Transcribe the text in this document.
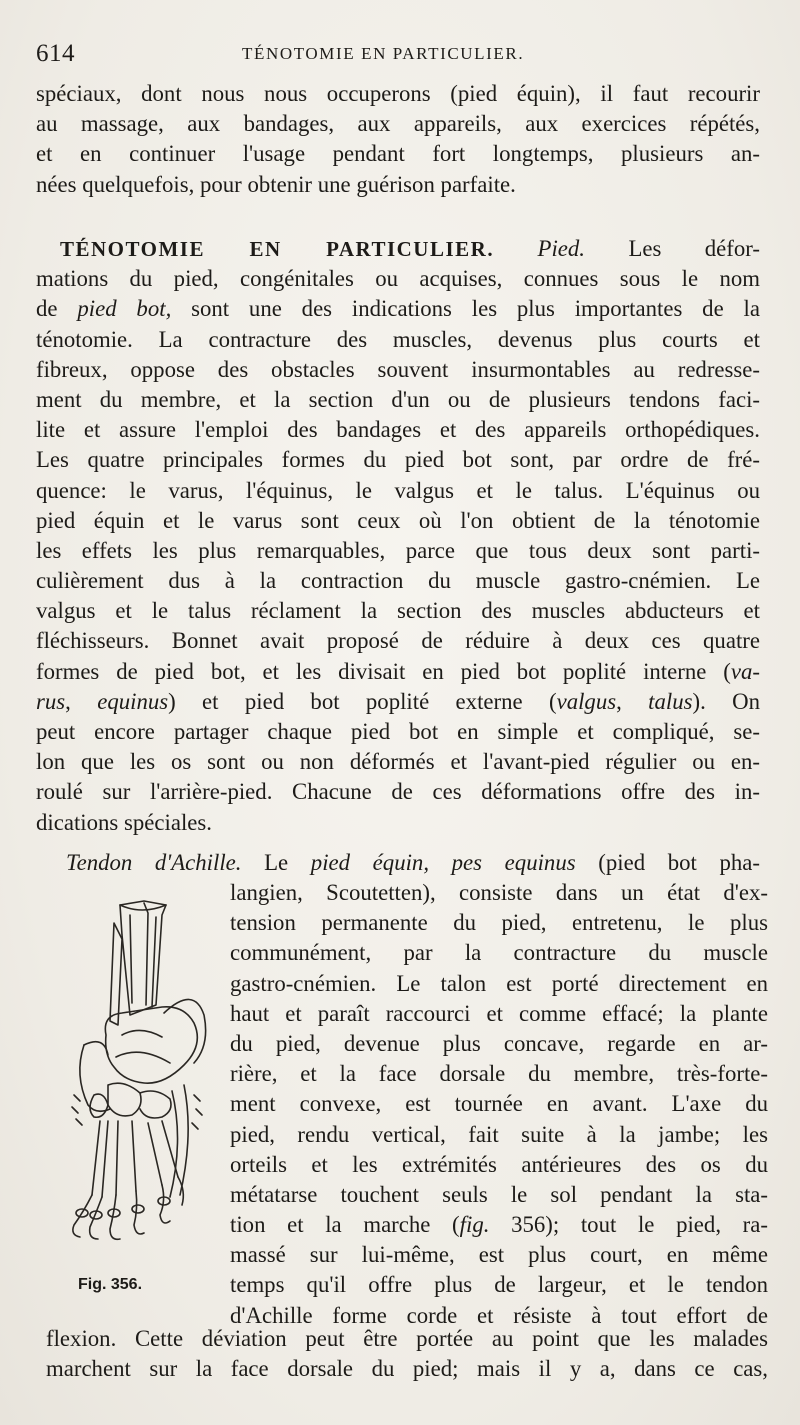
614	TÉNOTOMIE EN PARTICULIER.
spéciaux, dont nous nous occuperons (pied équin), il faut recourir
au massage, aux bandages, aux appareils, aux exercices répétés,
et en continuer l'usage pendant fort longtemps, plusieurs an-
nées quelquefois, pour obtenir une guérison parfaite.
TÉNOTOMIE EN PARTICULIER. Pied. Les défor-
mations du pied, congénitales ou acquises, connues sous le nom
de pied bot, sont une des indications les plus importantes de la
ténotomie. La contracture des muscles, devenus plus courts et
fibreux, oppose des obstacles souvent insurmontables au redresse-
ment du membre, et la section d'un ou de plusieurs tendons faci-
lite et assure l'emploi des bandages et des appareils orthopédiques.
Les quatre principales formes du pied bot sont, par ordre de fré-
quence: le varus, l'équinus, le valgus et le talus. L'équinus ou
pied équin et le varus sont ceux où l'on obtient de la ténotomie
les effets les plus remarquables, parce que tous deux sont parti-
culièrement dus à la contraction du muscle gastro-cnémien. Le
valgus et le talus réclament la section des muscles abducteurs et
fléchisseurs. Bonnet avait proposé de réduire à deux ces quatre
formes de pied bot, et les divisait en pied bot poplité interne (va-
rus, equinus) et pied bot poplité externe (valgus, talus). On
peut encore partager chaque pied bot en simple et compliqué, se-
lon que les os sont ou non déformés et l'avant-pied régulier ou en-
roulé sur l'arrière-pied. Chacune de ces déformations offre des in-
dications spéciales.
Tendon d'Achille. Le pied équin, pes equinus (pied bot pha-
Fig. 356.
langien, Scoutetten), consiste dans un état d'ex-
tension permanente du pied, entretenu, le plus
communément, par la contracture du muscle
gastro-cnémien. Le talon est porté directement en
haut et paraît raccourci et comme effacé; la plante
du pied, devenue plus concave, regarde en ar-
rière, et la face dorsale du membre, très-forte-
ment convexe, est tournée en avant. L'axe du
pied, rendu vertical, fait suite à la jambe; les
orteils et les extrémités antérieures des os du
métatarse touchent seuls le sol pendant la sta-
tion et la marche (fig. 356); tout le pied, ra-
massé sur lui-même, est plus court, en même
temps qu'il offre plus de largeur, et le tendon
d'Achille forme corde et résiste à tout effort de
flexion. Cette déviation peut être portée au point que les malades
marchent sur la face dorsale du pied; mais il y a, dans ce cas,
